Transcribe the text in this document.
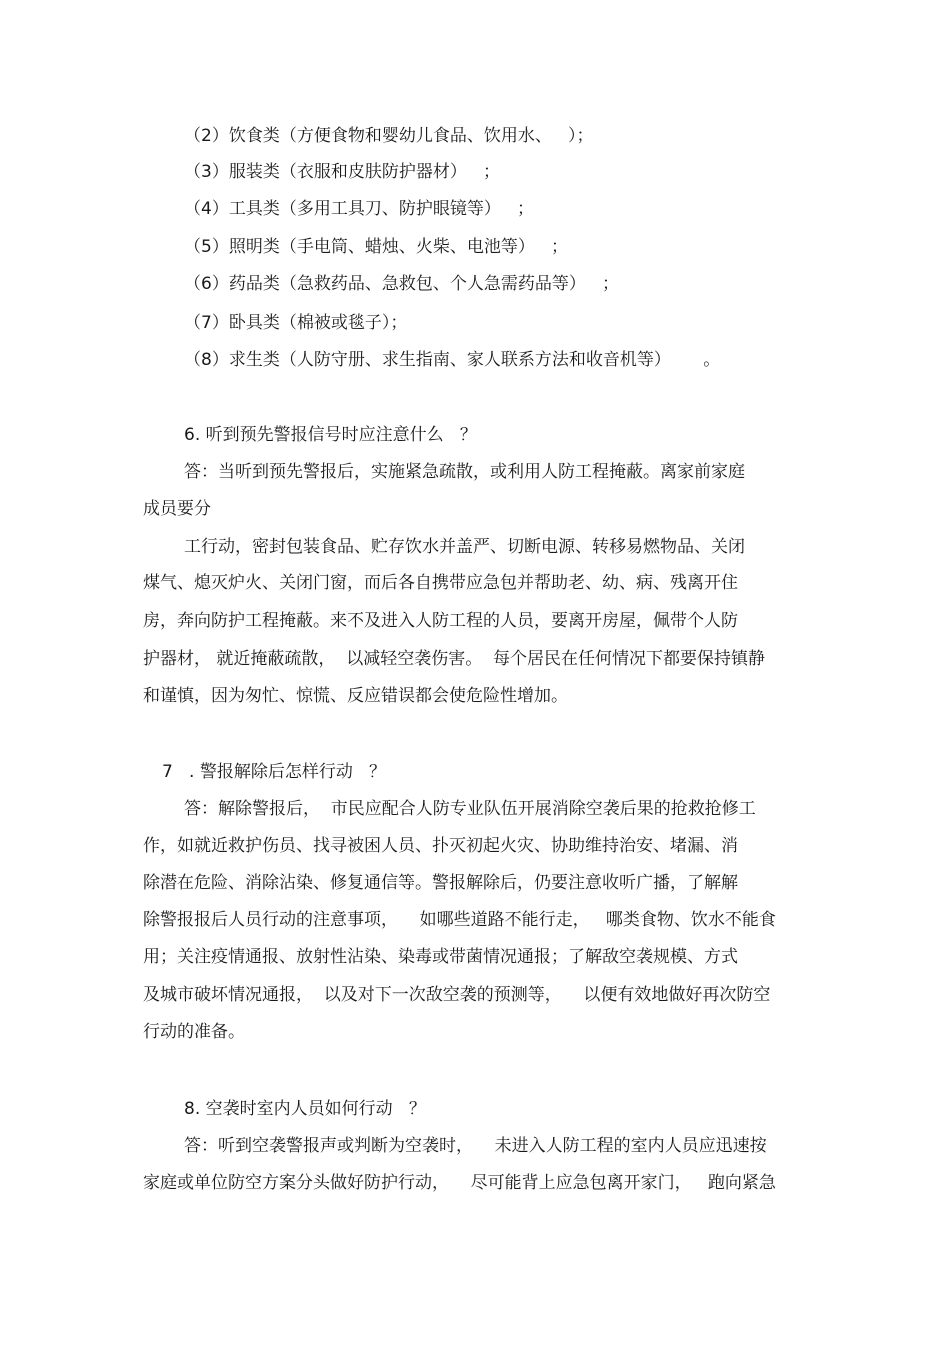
（2）饮食类（方便食物和婴幼儿食品、饮用水、   ）；

（3）服装类（衣服和皮肤防护器材）   ；

（4）工具类（多用工具刀、防护眼镜等）   ；

（5）照明类（手电筒、蜡烛、火柴、电池等）   ；

（6）药品类（急救药品、急救包、个人急需药品等）   ；

（7）卧具类（棉被或毯子）；

（8）求生类（人防守册、求生指南、家人联系方法和收音机等）      。

6. 听到预先警报信号时应注意什么   ？

答：当听到预先警报后，实施紧急疏散，或利用人防工程掩蔽。离家前家庭

成员要分

工行动，密封包装食品、贮存饮水并盖严、切断电源、转移易燃物品、关闭

煤气、熄灭炉火、关闭门窗，而后各自携带应急包并帮助老、幼、病、残离开住

房，奔向防护工程掩蔽。来不及进入人防工程的人员，要离开房屋，佩带个人防

护器材， 就近掩蔽疏散，  以减轻空袭伤害。  每个居民在任何情况下都要保持镇静

和谨慎，因为匆忙、惊慌、反应错误都会使危险性增加。

7   . 警报解除后怎样行动   ？

答：解除警报后，  市民应配合人防专业队伍开展消除空袭后果的抢救抢修工

作，如就近救护伤员、找寻被困人员、扑灭初起火灾、协助维持治安、堵漏、消

除潜在危险、消除沾染、修复通信等。警报解除后，仍要注意收听广播，了解解

除警报报后人员行动的注意事项，    如哪些道路不能行走，   哪类食物、饮水不能食

用；关注疫情通报、放射性沾染、染毒或带菌情况通报；了解敌空袭规模、方式

及城市破坏情况通报，  以及对下一次敌空袭的预测等，    以便有效地做好再次防空

行动的准备。

8. 空袭时室内人员如何行动   ？

答：听到空袭警报声或判断为空袭时，    未进入人防工程的室内人员应迅速按

家庭或单位防空方案分头做好防护行动，    尽可能背上应急包离开家门，   跑向紧急
